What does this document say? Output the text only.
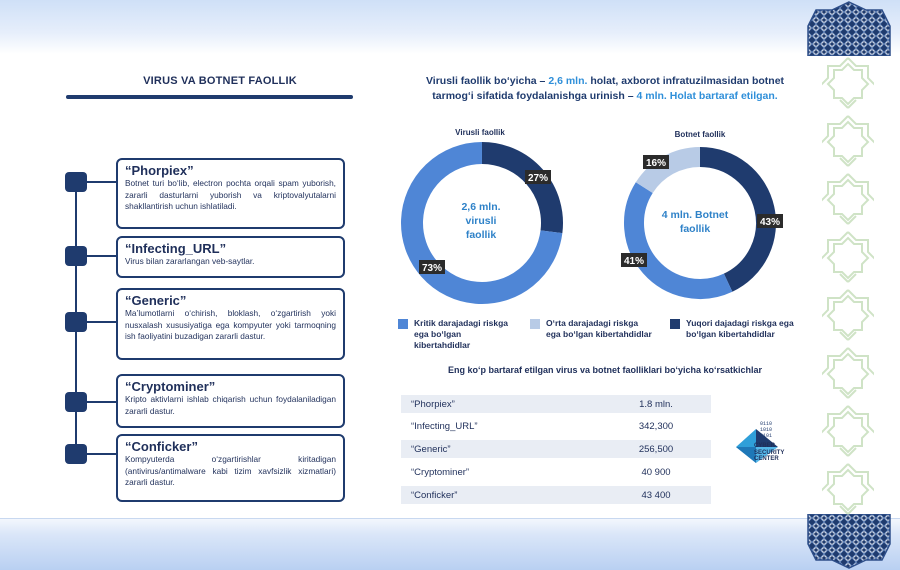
VIRUS VA BOTNET FAOLLIK
“Phorpiex”
Botnet turi bo‘lib, electron pochta orqali spam yuborish, zararli dasturlarni yuborish va kriptovalyutalarni shakllantirish uchun ishlatiladi.
“Infecting_URL”
Virus bilan zararlangan veb-saytlar.
“Generic”
Ma’lumotlarni o‘chirish, bloklash, o‘zgartirish yoki nusxalash xususiyatiga ega kompyuter yoki tarmoqning ish faoliyatini buzadigan zararli dastur.
“Cryptominer”
Kripto aktivlarni ishlab chiqarish uchun foydalaniladigan zararli dastur.
“Conficker”
Kompyuterda o‘zgartirishlar kiritadigan (antivirus/antimalware kabi tizim xavfsizlik xizmatlari) zararli dastur.
Virusli faollik bo‘yicha – 2,6 mln. holat, axborot infratuzilmasidan botnet tarmog‘i sifatida foydalanishga urinish – 4 mln. Holat bartaraf etilgan.
Virusli faollik	Botnet faollik
73%
27%
43%
41%
16%
2,6 mln.
virusli
faollik
4 mln. Botnet
faollik
Kritik darajadagi riskga ega bo‘lgan kibertahdidlar
O‘rta darajadagi riskga ega bo‘lgan kibertahdidlar
Yuqori dajadagi riskga ega bo‘lgan kibertahdidlar
Eng ko‘p bartaraf etilgan virus va botnet faolliklari bo‘yicha ko‘rsatkichlar
“Phorpiex”	1.8 mln.
“Infecting_URL”	342,300
“Generic”	256,500
“Cryptominer”	40 900
“Conficker”	43 400
0110
1010
0101
CYBER
SECURITY
CENTER
